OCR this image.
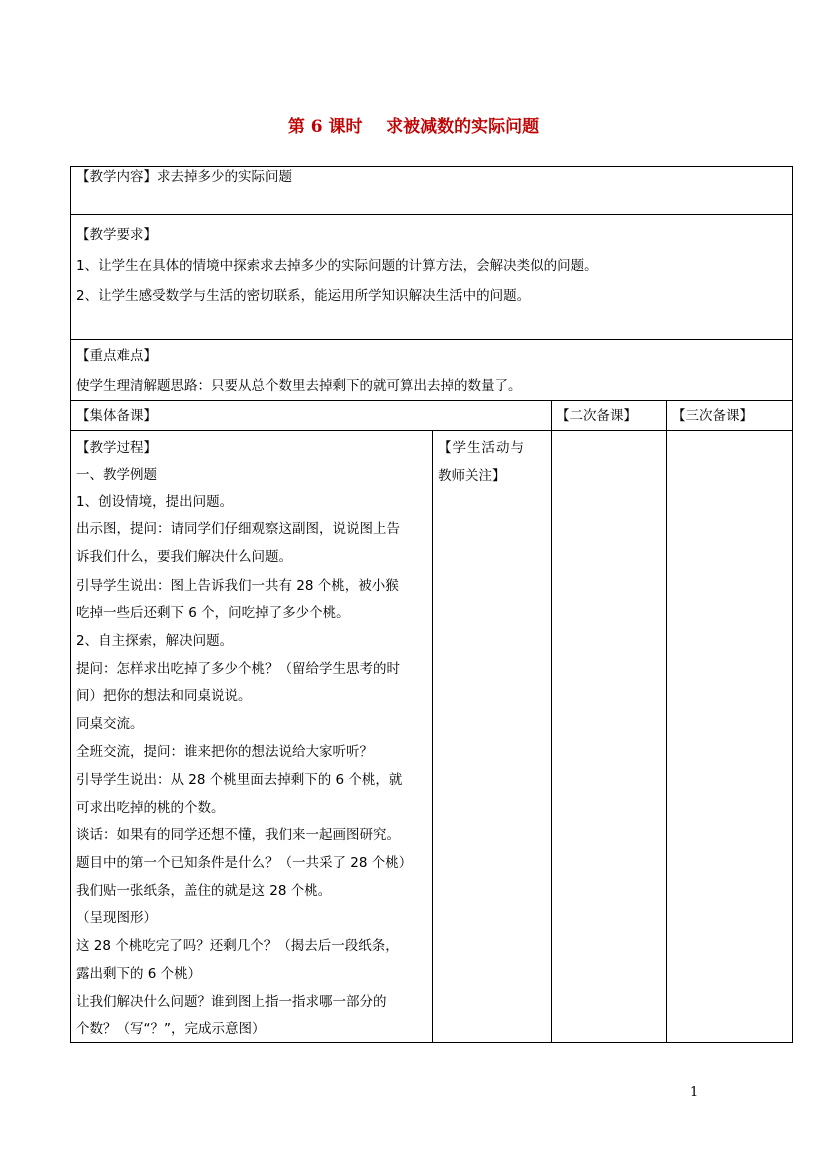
第 6 课时    求被减数的实际问题
【教学内容】求去掉多少的实际问题
【教学要求】
1、让学生在具体的情境中探索求去掉多少的实际问题的计算方法，会解决类似的问题。
2、让学生感受数学与生活的密切联系，能运用所学知识解决生活中的问题。
【重点难点】
使学生理清解题思路：只要从总个数里去掉剩下的就可算出去掉的数量了。
【集体备课】	【二次备课】	【三次备课】
【学生活动与
教师关注】
【教学过程】
一、教学例题
1、创设情境，提出问题。
出示图，提问：请同学们仔细观察这副图，说说图上告
诉我们什么，要我们解决什么问题。
引导学生说出：图上告诉我们一共有 28 个桃，被小猴
吃掉一些后还剩下 6 个，问吃掉了多少个桃。
2、自主探索，解决问题。
提问：怎样求出吃掉了多少个桃？（留给学生思考的时
间）把你的想法和同桌说说。
同桌交流。
全班交流，提问：谁来把你的想法说给大家听听？
引导学生说出：从 28 个桃里面去掉剩下的 6 个桃，就
可求出吃掉的桃的个数。
谈话：如果有的同学还想不懂，我们来一起画图研究。
题目中的第一个已知条件是什么？（一共采了 28 个桃）
我们贴一张纸条，盖住的就是这 28 个桃。
（呈现图形）
这 28 个桃吃完了吗？还剩几个？（揭去后一段纸条，
露出剩下的 6 个桃）
让我们解决什么问题？谁到图上指一指求哪一部分的
个数？（写“？”，完成示意图）
1
